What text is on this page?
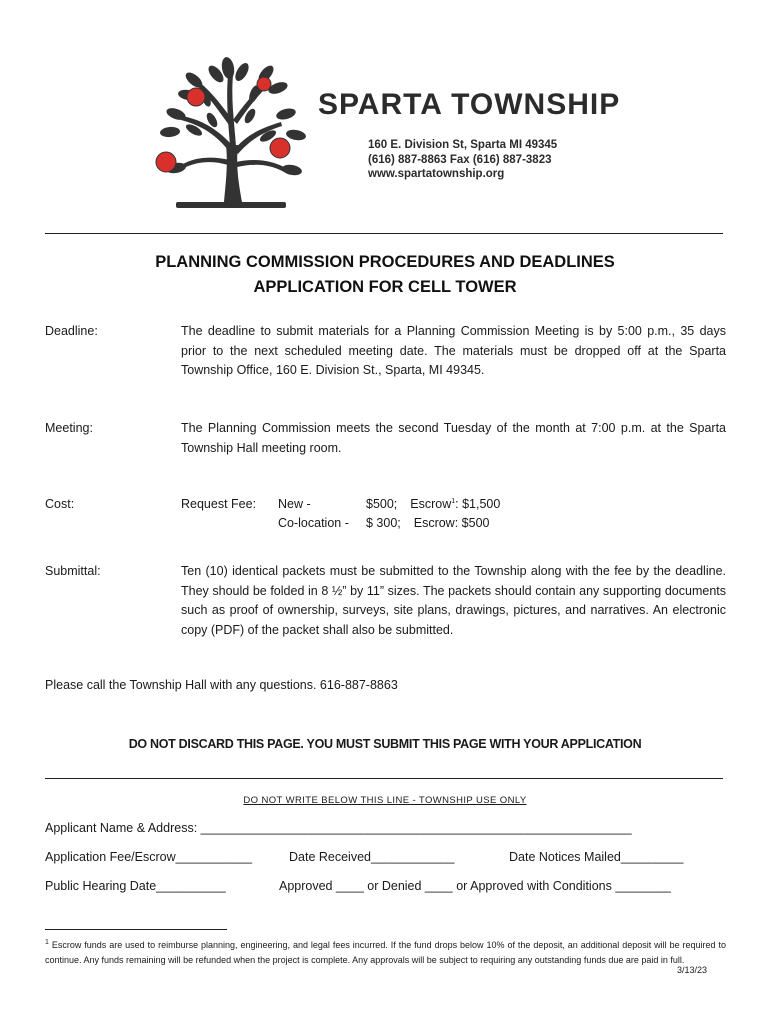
SPARTA TOWNSHIP
160 E. Division St, Sparta MI 49345
(616) 887-8863 Fax (616) 887-3823
www.spartatownship.org
PLANNING COMMISSION PROCEDURES AND DEADLINES
APPLICATION FOR CELL TOWER
Deadline:	The deadline to submit materials for a Planning Commission Meeting is by 5:00 p.m., 35 days prior to the next scheduled meeting date. The materials must be dropped off at the Sparta Township Office, 160 E. Division St., Sparta, MI 49345.
Meeting:	The Planning Commission meets the second Tuesday of the month at 7:00 p.m. at the Sparta Township Hall meeting room.
Cost:	Request Fee: New -	$500; Escrow$^1$: $1,500
Co-location - $ 300; Escrow: $500
Submittal:	Ten (10) identical packets must be submitted to the Township along with the fee by the deadline. They should be folded in 8 ½” by 11” sizes. The packets should contain any supporting documents such as proof of ownership, surveys, site plans, drawings, pictures, and narratives. An electronic copy (PDF) of the packet shall also be submitted.
Please call the Township Hall with any questions. 616-887-8863
DO NOT DISCARD THIS PAGE. YOU MUST SUBMIT THIS PAGE WITH YOUR APPLICATION
DO NOT WRITE BELOW THIS LINE - TOWNSHIP USE ONLY
Applicant Name & Address: ______________________________________________________________
Application Fee/Escrow___________	Date Received____________	Date Notices Mailed_________
Public Hearing Date__________	Approved ____ or Denied ____ or Approved with Conditions ________
$^1$ Escrow funds are used to reimburse planning, engineering, and legal fees incurred. If the fund drops below 10% of the deposit, an additional deposit will be required to continue. Any funds remaining will be refunded when the project is complete. Any approvals will be subject to requiring any outstanding funds due are paid in full.
3/13/23
